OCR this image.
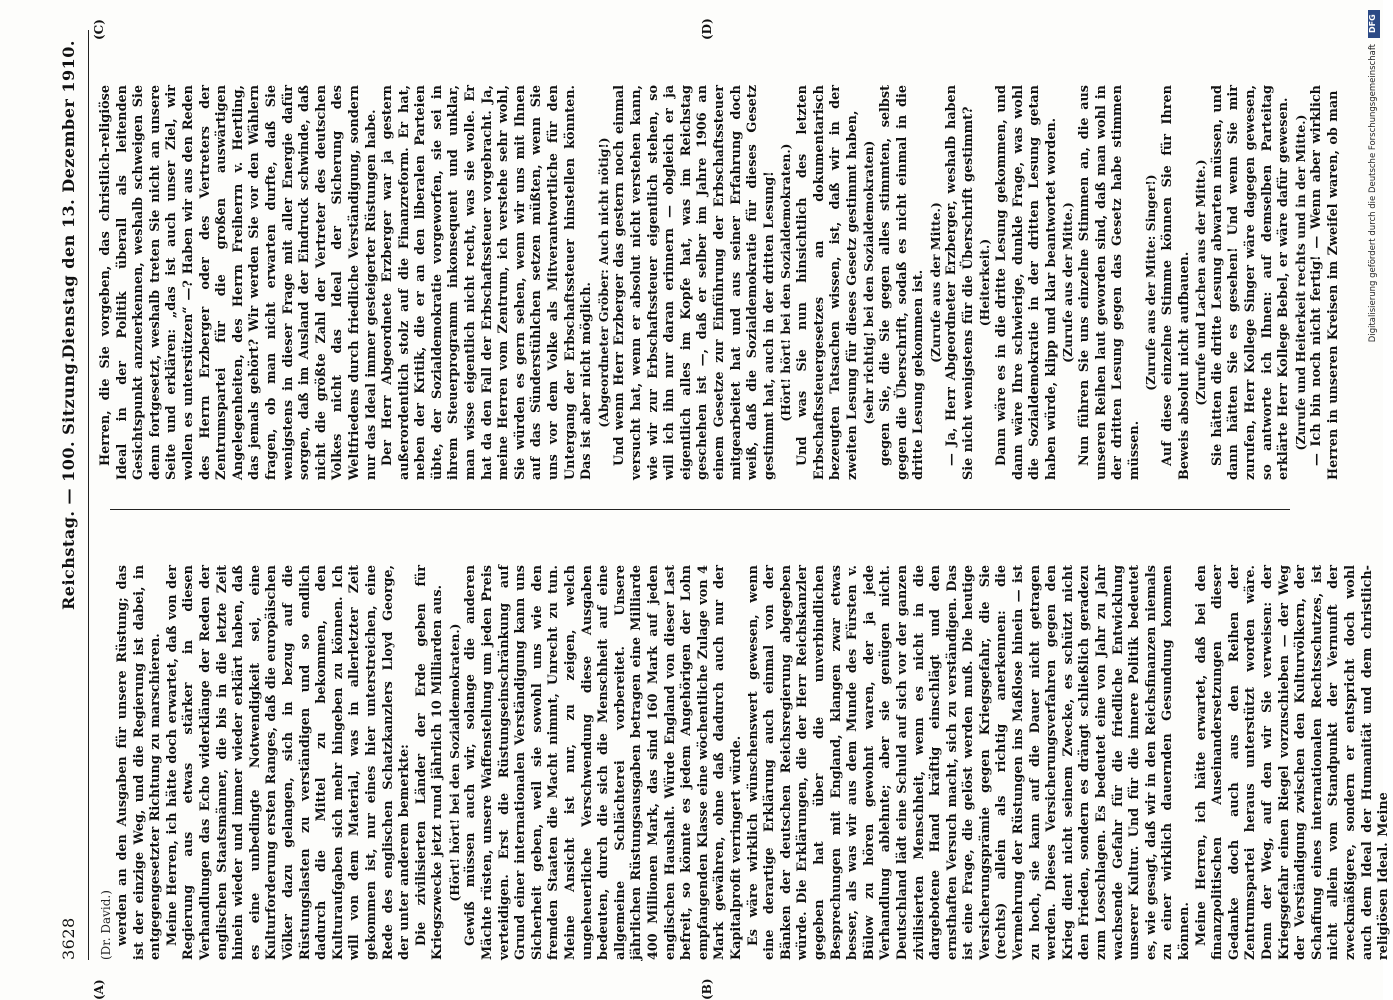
3628
Reichstag. — 100. Sitzung.
Dienstag den 13. Dezember 1910.
(A)	(B)
(C)	(D)

(Dr. David.) werden an den Ausgaben für unsere Rüstung; das ist der einzige Weg, und die Regierung ist dabei, in entgegengesetzter Richtung zu marschieren. Meine Herren, ich hätte doch erwartet, daß von der Regierung aus etwas stärker in diesen Verhandlungen das Echo widerklänge der Reden der englischen Staatsmänner, die bis in die letzte Zeit hinein wieder und immer wieder erklärt haben, daß es eine unbedingte Notwendigkeit sei, eine Kulturforderung ersten Ranges, daß die europäischen Völker dazu gelangen, sich in bezug auf die Rüstungslasten zu verständigen und so endlich dadurch die Mittel zu bekommen, den Kulturaufgaben sich mehr hingeben zu können. Ich will von dem Material, was in allerletzter Zeit gekommen ist, nur eines hier unterstreichen, eine Rede des englischen Schatzkanzlers Lloyd George, der unter anderem bemerkte: Die zivilisierten Länder der Erde geben für Kriegszwecke jetzt rund jährlich 10 Milliarden aus. (Hört! hört! bei den Sozialdemokraten.) Gewiß müssen auch wir, solange die anderen Mächte rüsten, unsere Waffenstellung um jeden Preis verteidigen. Erst die Rüstungseinschränkung auf Grund einer internationalen Verständigung kann uns Sicherheit geben, weil sie sowohl uns wie den fremden Staaten die Macht nimmt, Unrecht zu tun. Meine Ansicht ist nur, zu zeigen, welch ungeheuerliche Verschwendung diese Ausgaben bedeuten, durch die sich die Menschheit auf eine allgemeine Schlächterei vorbereitet. Unsere jährlichen Rüstungsausgaben betragen eine Milliarde 400 Millionen Mark, das sind 160 Mark auf jeden englischen Haushalt. Würde England von dieser Last befreit, so könnte es jedem Angehörigen der Lohn empfangenden Klasse eine wöchentliche Zulage von 4 Mark gewähren, ohne daß dadurch auch nur der Kapitalprofit verringert würde. Es wäre wirklich wünschenswert gewesen, wenn eine derartige Erklärung auch einmal von der Bänken der deutschen Reichsregierung abgegeben würde. Die Erklärungen, die der Herr Reichskanzler gegeben hat über die unverbindlichen Besprechungen mit England, klangen zwar etwas besser, als was wir aus dem Munde des Fürsten v. Bülow zu hören gewohnt waren, der ja jede Verhandlung ablehnte; aber sie genügen nicht. Deutschland lädt eine Schuld auf sich vor der ganzen zivilisierten Menschheit, wenn es nicht in die dargebotene Hand kräftig einschlägt und den ernsthaften Versuch macht, sich zu verständigen. Das ist eine Frage, die gelöst werden muß. Die heutige Versicherungsprämie gegen Kriegsgefahr, die Sie (rechts) allein als richtig anerkennen: die Vermehrung der Rüstungen ins Maßlose hinein — ist zu hoch, sie kann auf die Dauer nicht getragen werden. Dieses Versicherungsverfahren gegen den Krieg dient nicht seinem Zwecke, es schützt nicht den Frieden, sondern es drängt schließlich geradezu zum Losschlagen. Es bedeutet eine von Jahr zu Jahr wachsende Gefahr für die friedliche Entwicklung unserer Kultur. Und für die innere Politik bedeutet es, wie gesagt, daß wir in den Reichsfinanzen niemals zu einer wirklich dauernden Gesundung kommen können. Meine Herren, ich hätte erwartet, daß bei den finanzpolitischen Auseinandersetzungen dieser Gedanke doch auch aus den Reihen der Zentrumspartei heraus unterstützt worden wäre. Denn der Weg, auf den wir Sie verweisen: der Kriegsgefahr einen Riegel vorzuschieben — der Weg der Verständigung zwischen den Kulturvölkern, der Schaffung eines internationalen Rechtsschutzes, ist nicht allein vom Standpunkt der Vernunft der zweckmäßigere, sondern er entspricht doch wohl auch dem Ideal der Humanität und dem christlich-religiösen Ideal. Meine

Herren, die Sie vorgeben, das christlich-religiöse Ideal in der Politik überall als leitenden Gesichtspunkt anzuerkennen, weshalb schweigen Sie denn fortgesetzt, weshalb treten Sie nicht an unsere Seite und erklären: „das ist auch unser Ziel, wir wollen es unterstützen“ —? Haben wir aus den Reden des Herrn Erzberger oder des Vertreters der Zentrumspartei für die großen auswärtigen Angelegenheiten, des Herrn Freiherrn v. Hertling, das jemals gehört? Wir werden Sie vor den Wählern fragen, ob man nicht erwarten durfte, daß Sie wenigstens in dieser Frage mit aller Energie dafür sorgen, daß im Ausland der Eindruck schwinde, daß nicht die größte Zahl der Vertreter des deutschen Volkes nicht das Ideal der Sicherung des Weltfriedens durch friedliche Verständigung, sondern nur das Ideal immer gesteigerter Rüstungen habe. Der Herr Abgeordnete Erzberger war ja gestern außerordentlich stolz auf die Finanzreform. Er hat, neben der Kritik, die er an den liberalen Parteien übte, der Sozialdemokratie vorgeworfen, sie sei in ihrem Steuerprogramm inkonsequent und unklar, man wisse eigentlich nicht recht, was sie wolle. Er hat da den Fall der Erbschaftssteuer vorgebracht. Ja, meine Herren vom Zentrum, ich verstehe sehr wohl, Sie würden es gern sehen, wenn wir uns mit Ihnen auf das Sünderstühlchen setzen müßten, wenn Sie uns vor dem Volke als Mitverantwortliche für den Untergang der Erbschaftssteuer hinstellen könnten. Das ist aber nicht möglich. (Abgeordneter Gröber: Auch nicht nötig!) Und wenn Herr Erzberger das gestern noch einmal versucht hat, wenn er absolut nicht verstehen kann, wie wir zur Erbschaftssteuer eigentlich stehen, so will ich ihn nur daran erinnern — obgleich er ja eigentlich alles im Kopfe hat, was im Reichstag geschehen ist —, daß er selber im Jahre 1906 an einem Gesetze zur Einführung der Erbschaftssteuer mitgearbeitet hat und aus seiner Erfahrung doch weiß, daß die Sozialdemokratie für dieses Gesetz gestimmt hat, auch in der dritten Lesung! (Hört! hört! bei den Sozialdemokraten.) Und was Sie nun hinsichtlich des letzten Erbschaftssteuergesetzes an dokumentarisch bezeugten Tatsachen wissen, ist, daß wir in der zweiten Lesung für dieses Gesetz gestimmt haben, (sehr richtig! bei den Sozialdemokraten) gegen Sie, die Sie gegen alles stimmten, selbst gegen die Überschrift, sodaß es nicht einmal in die dritte Lesung gekommen ist. (Zurufe aus der Mitte.) — Ja, Herr Abgeordneter Erzberger, weshalb haben Sie nicht wenigstens für die Überschrift gestimmt? (Heiterkeit.) Dann wäre es in die dritte Lesung gekommen, und dann wäre Ihre schwierige, dunkle Frage, was wohl die Sozialdemokratie in der dritten Lesung getan haben würde, klipp und klar beantwortet worden. (Zurufe aus der Mitte.) Nun führen Sie uns einzelne Stimmen an, die aus unseren Reihen laut geworden sind, daß man wohl in der dritten Lesung gegen das Gesetz habe stimmen müssen.

(Zurufe aus der Mitte: Singer!) Auf diese einzelne Stimme können Sie für Ihren Beweis absolut nicht aufbauen. (Zurufe und Lachen aus der Mitte.) Sie hätten die dritte Lesung abwarten müssen, und dann hätten Sie es gesehen! Und wenn Sie mir zurufen, Herr Kollege Singer wäre dagegen gewesen, so antworte ich Ihnen: auf demselben Parteitag erklärte Herr Kollege Bebel, er wäre dafür gewesen. (Zurufe und Heiterkeit rechts und in der Mitte.) — Ich bin noch nicht fertig! — Wenn aber wirklich Herren in unseren Kreisen im Zweifel waren, ob man

DFG
Digitalisierung gefördert durch die Deutsche Forschungsgemeinschaft
